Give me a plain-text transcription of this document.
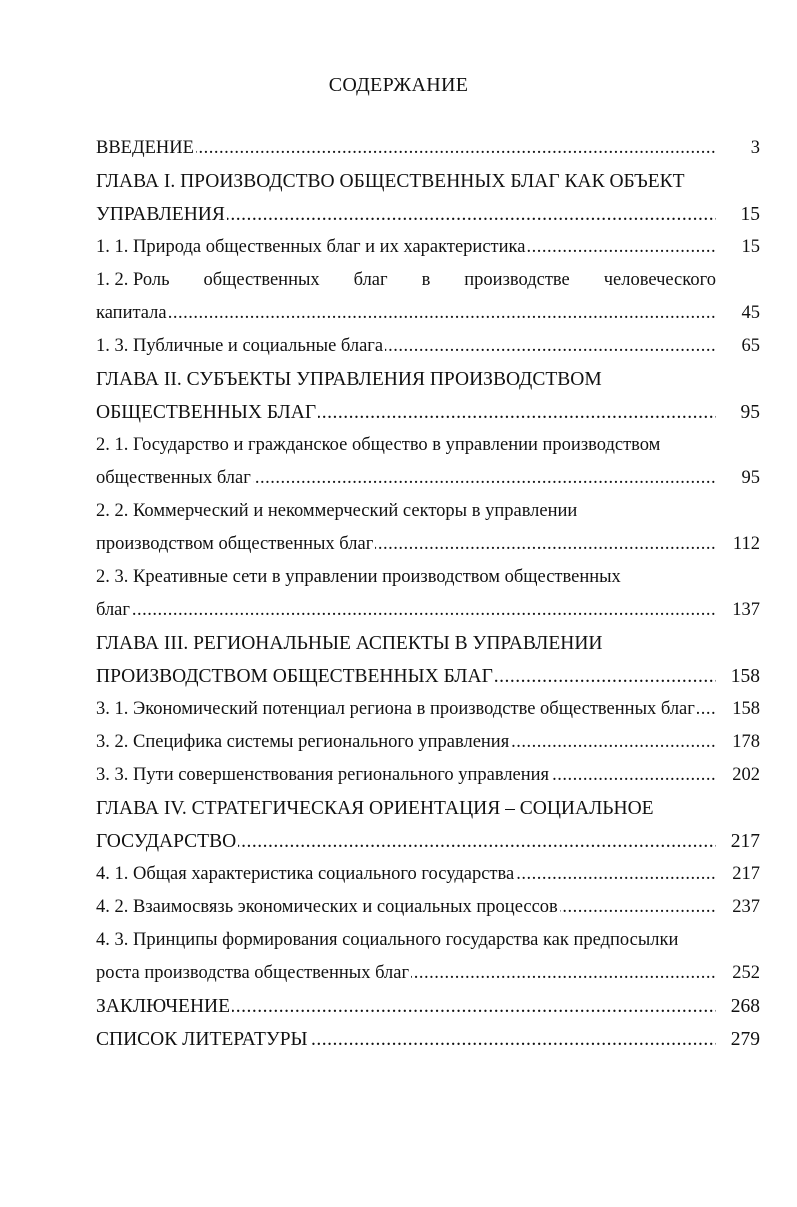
СОДЕРЖАНИЕ
ВВЕДЕНИЕ .....	3
ГЛАВА I. ПРОИЗВОДСТВО ОБЩЕСТВЕННЫХ БЛАГ КАК ОБЪЕКТ
УПРАВЛЕНИЯ .....	15
1. 1. Природа общественных благ и их характеристика .....	15
1. 2. Роль общественных благ в производстве человеческого
капитала .....	45
1. 3. Публичные и социальные блага .....	65
ГЛАВА II. СУБЪЕКТЫ УПРАВЛЕНИЯ ПРОИЗВОДСТВОМ
ОБЩЕСТВЕННЫХ БЛАГ .....	95
2. 1. Государство и гражданское общество в управлении производством
общественных благ .....	95
2. 2. Коммерческий и некоммерческий секторы в управлении
производством общественных благ .....	112
2. 3. Креативные сети в управлении производством общественных
благ .....	137
ГЛАВА III. РЕГИОНАЛЬНЫЕ АСПЕКТЫ В УПРАВЛЕНИИ
ПРОИЗВОДСТВОМ ОБЩЕСТВЕННЫХ БЛАГ .....	158
3. 1. Экономический потенциал региона в производстве общественных благ .....	158
3. 2. Специфика системы регионального управления .....	178
3. 3. Пути совершенствования регионального управления .....	202
ГЛАВА IV. СТРАТЕГИЧЕСКАЯ ОРИЕНТАЦИЯ – СОЦИАЛЬНОЕ
ГОСУДАРСТВО .....	217
4. 1. Общая характеристика социального государства .....	217
4. 2. Взаимосвязь экономических и социальных процессов .....	237
4. 3. Принципы формирования социального государства как предпосылки
роста производства общественных благ .....	252
ЗАКЛЮЧЕНИЕ .....	268
СПИСОК ЛИТЕРАТУРЫ .....	279
